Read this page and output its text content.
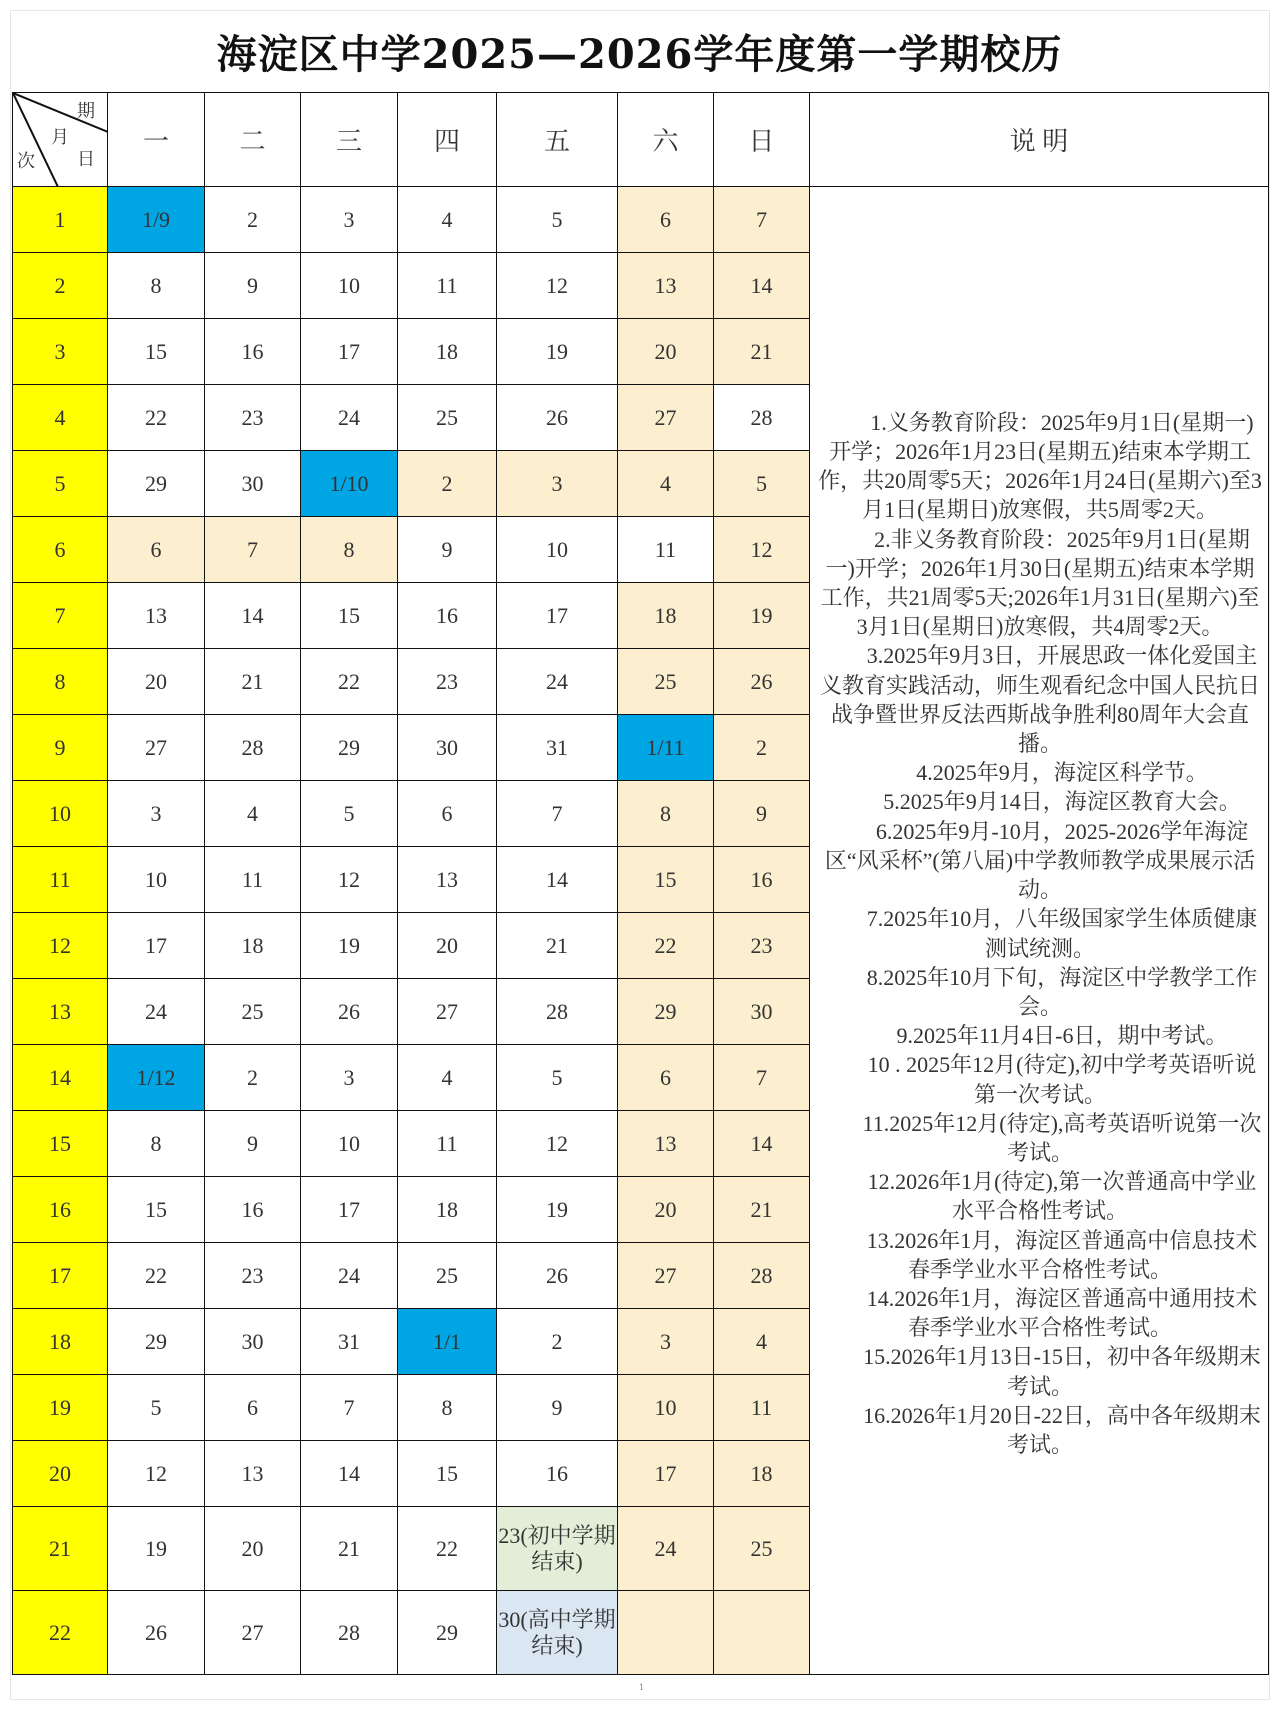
海淀区中学2025—2026学年度第一学期校历
期
月
日
次	一	二	三	四	五	六	日	说 明
1	1/9	2	3	4	5	6	7	
1.义务教育阶段：2025年9月1日(星期一)开学；2026年1月23日(星期五)结束本学期工作，共20周零5天；2026年1月24日(星期六)至3月1日(星期日)放寒假，共5周零2天。
2.非义务教育阶段：2025年9月1日(星期一)开学；2026年1月30日(星期五)结束本学期工作，共21周零5天;2026年1月31日(星期六)至3月1日(星期日)放寒假，共4周零2天。
3.2025年9月3日，开展思政一体化爱国主义教育实践活动，师生观看纪念中国人民抗日战争暨世界反法西斯战争胜利80周年大会直播。
4.2025年9月，海淀区科学节。
5.2025年9月14日，海淀区教育大会。
6.2025年9月-10月，2025-2026学年海淀区“风采杯”(第八届)中学教师教学成果展示活动。
7.2025年10月，八年级国家学生体质健康测试统测。
8.2025年10月下旬，海淀区中学教学工作会。
9.2025年11月4日-6日，期中考试。
10 . 2025年12月(待定),初中学考英语听说第一次考试。
11.2025年12月(待定),高考英语听说第一次考试。
12.2026年1月(待定),第一次普通高中学业水平合格性考试。
13.2026年1月，海淀区普通高中信息技术春季学业水平合格性考试。
14.2026年1月，海淀区普通高中通用技术春季学业水平合格性考试。
15.2026年1月13日-15日，初中各年级期末考试。
16.2026年1月20日-22日，高中各年级期末考试。

2	8	9	10	11	12	13	14	
3	15	16	17	18	19	20	21	
4	22	23	24	25	26	27	28	
5	29	30	1/10	2	3	4	5	
6	6	7	8	9	10	11	12	
7	13	14	15	16	17	18	19	
8	20	21	22	23	24	25	26	
9	27	28	29	30	31	1/11	2	
10	3	4	5	6	7	8	9	
11	10	11	12	13	14	15	16	
12	17	18	19	20	21	22	23	
13	24	25	26	27	28	29	30	
14	1/12	2	3	4	5	6	7	
15	8	9	10	11	12	13	14	
16	15	16	17	18	19	20	21	
17	22	23	24	25	26	27	28	
18	29	30	31	1/1	2	3	4	
19	5	6	7	8	9	10	11	
20	12	13	14	15	16	17	18	
21	19	20	21	22	23(初中学期结束)	24	25	
22	26	27	28	29	30(高中学期结束)			
1
